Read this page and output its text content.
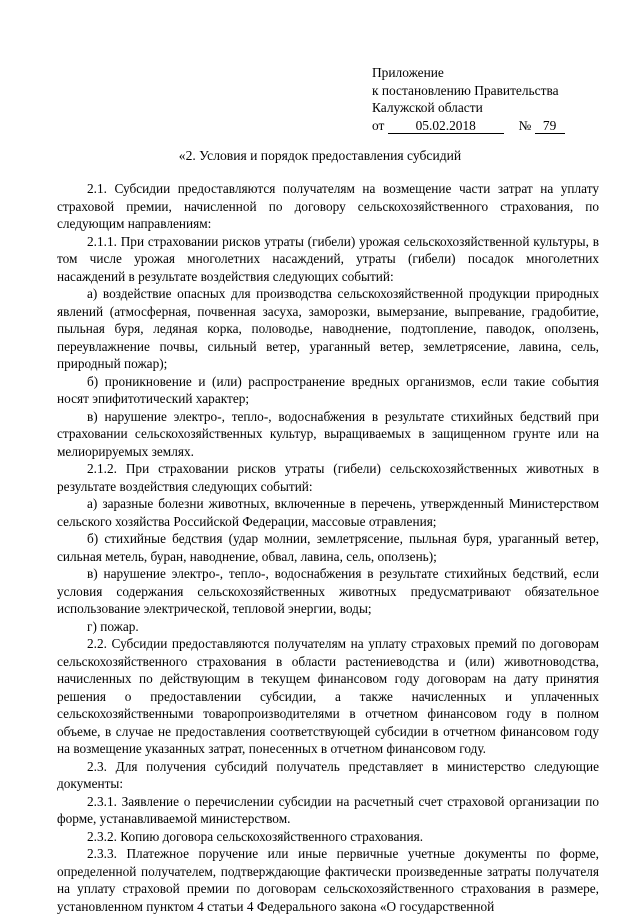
Приложение
к постановлению Правительства
Калужской области
от 05.02.2018	№ 79
«2. Условия и порядок предоставления субсидий

2.1. Субсидии предоставляются получателям на возмещение части затрат на уплату страховой премии, начисленной по договору сельскохозяйственного страхования, по следующим направлениям:

2.1.1. При страховании рисков утраты (гибели) урожая сельскохозяйственной культуры, в том числе урожая многолетних насаждений, утраты (гибели) посадок многолетних насаждений в результате воздействия следующих событий:

а) воздействие опасных для производства сельскохозяйственной продукции природных явлений (атмосферная, почвенная засуха, заморозки, вымерзание, выпревание, градобитие, пыльная буря, ледяная корка, половодье, наводнение, подтопление, паводок, оползень, переувлажнение почвы, сильный ветер, ураганный ветер, землетрясение, лавина, сель, природный пожар);

б) проникновение и (или) распространение вредных организмов, если такие события носят эпифитотический характер;

в) нарушение электро-, тепло-, водоснабжения в результате стихийных бедствий при страховании сельскохозяйственных культур, выращиваемых в защищенном грунте или на мелиорируемых землях.

2.1.2. При страховании рисков утраты (гибели) сельскохозяйственных животных в результате воздействия следующих событий:

а) заразные болезни животных, включенные в перечень, утвержденный Министерством сельского хозяйства Российской Федерации, массовые отравления;

б) стихийные бедствия (удар молнии, землетрясение, пыльная буря, ураганный ветер, сильная метель, буран, наводнение, обвал, лавина, сель, оползень);

в) нарушение электро-, тепло-, водоснабжения в результате стихийных бедствий, если условия содержания сельскохозяйственных животных предусматривают обязательное использование электрической, тепловой энергии, воды;

г) пожар.

2.2. Субсидии предоставляются получателям на уплату страховых премий по договорам сельскохозяйственного страхования в области растениеводства и (или) животноводства, начисленных по действующим в текущем финансовом году договорам на дату принятия решения о предоставлении субсидии, а также начисленных и уплаченных сельскохозяйственными товаропроизводителями в отчетном финансовом году в полном объеме, в случае не предоставления соответствующей субсидии в отчетном финансовом году на возмещение указанных затрат, понесенных в отчетном финансовом году.

2.3. Для получения субсидий получатель представляет в министерство следующие документы:

2.3.1. Заявление о перечислении субсидии на расчетный счет страховой организации по форме, устанавливаемой министерством.

2.3.2. Копию договора сельскохозяйственного страхования.

2.3.3. Платежное поручение или иные первичные учетные документы по форме, определенной получателем, подтверждающие фактически произведенные затраты получателя на уплату страховой премии по договорам сельскохозяйственного страхования в размере, установленном пунктом 4 статьи 4 Федерального закона «О государственной
